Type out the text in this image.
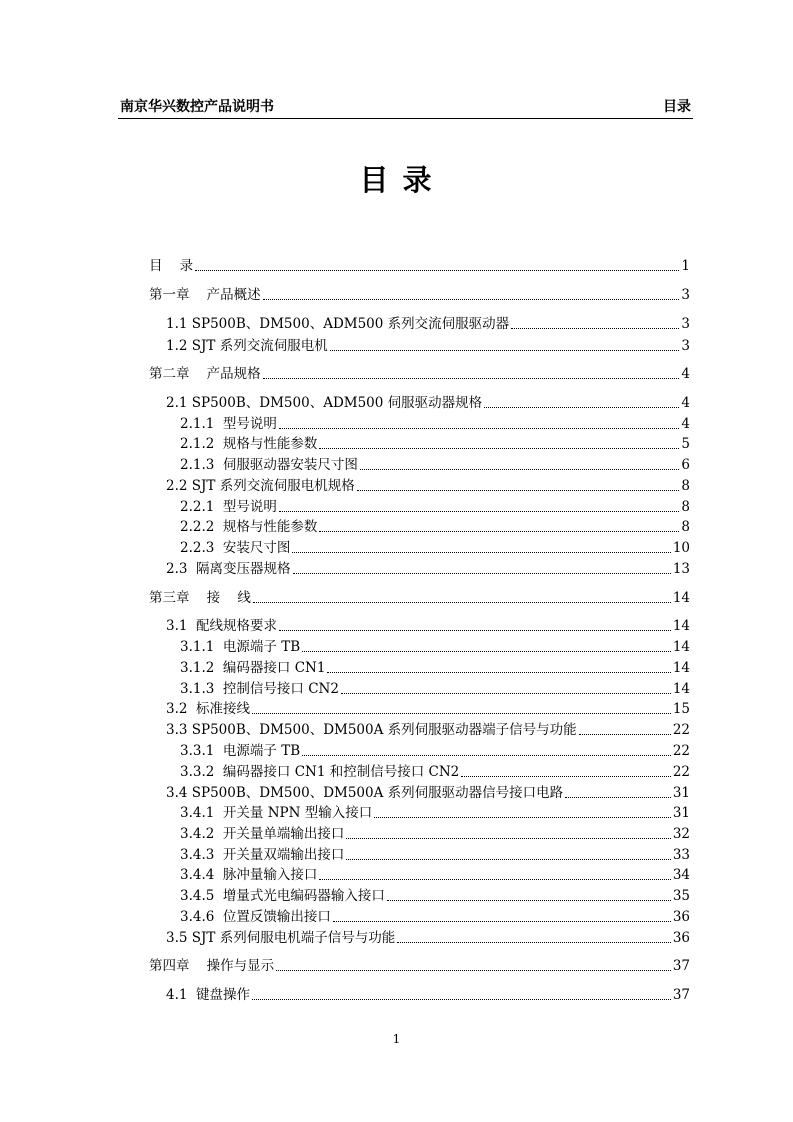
南京华兴数控产品说明书	目录
目 录
目    录	1
第一章    产品概述	3
1.1 SP500B、DM500、ADM500 系列交流伺服驱动器	3
1.2 SJT 系列交流伺服电机	3
第二章    产品规格	4
2.1 SP500B、DM500、ADM500 伺服驱动器规格	4
2.1.1  型号说明	4
2.1.2  规格与性能参数	5
2.1.3  伺服驱动器安装尺寸图	6
2.2 SJT 系列交流伺服电机规格	8
2.2.1  型号说明	8
2.2.2  规格与性能参数	8
2.2.3  安装尺寸图	10
2.3  隔离变压器规格	13
第三章    接    线	14
3.1  配线规格要求	14
3.1.1  电源端子 TB	14
3.1.2  编码器接口 CN1	14
3.1.3  控制信号接口 CN2	14
3.2  标准接线	15
3.3 SP500B、DM500、DM500A 系列伺服驱动器端子信号与功能	22
3.3.1  电源端子 TB	22
3.3.2  编码器接口 CN1 和控制信号接口 CN2	22
3.4 SP500B、DM500、DM500A 系列伺服驱动器信号接口电路	31
3.4.1  开关量 NPN 型输入接口	31
3.4.2  开关量单端输出接口	32
3.4.3  开关量双端输出接口	33
3.4.4  脉冲量输入接口	34
3.4.5  增量式光电编码器输入接口	35
3.4.6  位置反馈输出接口	36
3.5 SJT 系列伺服电机端子信号与功能	36
第四章    操作与显示	37
4.1  键盘操作	37
1
